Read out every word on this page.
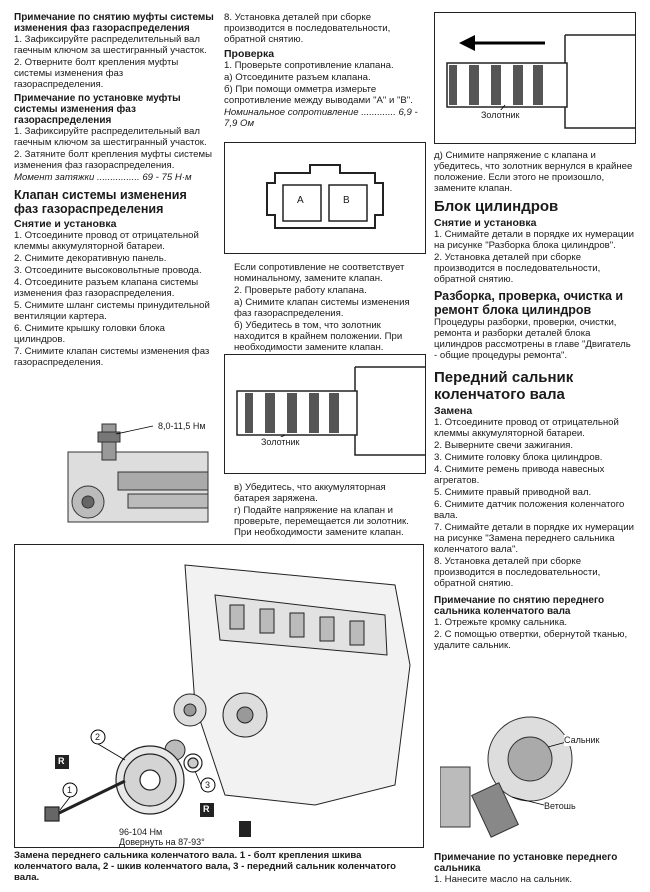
Примечание по снятию муфты системы изменения фаз газораспределения

1. Зафиксируйте распределительный вал гаечным ключом за шестигранный участок.

2. Отверните болт крепления муфты системы изменения фаз газораспределения.

Примечание по установке муфты системы изменения фаз газораспределения

1. Зафиксируйте распределительный вал гаечным ключом за шестигранный участок.

2. Затяните болт крепления муфты системы изменения фаз газораспределения.

Момент затяжки ................ 69 - 75 Н·м

Клапан системы изменения фаз газораспределения
Снятие и установка

1. Отсоедините провод от отрицательной клеммы аккумуляторной батареи.

2. Снимите декоративную панель.

3. Отсоедините высоковольтные провода.

4. Отсоедините разъем клапана системы изменения фаз газораспределения.

5. Снимите шланг системы принудительной вентиляции картера.

6. Снимите крышку головки блока цилиндров.

7. Снимите клапан системы изменения фаз газораспределения.

8,0-11,5 Нм

8. Установка деталей при сборке производится в последовательности, обратной снятию.

Проверка

1. Проверьте сопротивление клапана.

а) Отсоедините разъем клапана.

б) При помощи омметра измерьте сопротивление между выводами "А" и "В".

Номинальное сопротивление ............. 6,9 - 7,9 Ом

A	B

Если сопротивление не соответствует номинальному, замените клапан.

2. Проверьте работу клапана.

а) Снимите клапан системы изменения фаз газораспределения.

б) Убедитесь в том, что золотник находится в крайнем положении. При необходимости замените клапан.

Золотник

в) Убедитесь, что аккумуляторная батарея заряжена.

г) Подайте напряжение на клапан и проверьте, перемещается ли золотник. При необходимости замените клапан.

Золотник

д) Снимите напряжение с клапана и убедитесь, что золотник вернулся в крайнее положение. Если этого не произошло, замените клапан.

Блок цилиндров
Снятие и установка

1. Снимайте детали в порядке их нумерации на рисунке "Разборка блока цилиндров".

2. Установка деталей при сборке производится в последовательности, обратной снятию.

Разборка, проверка, очистка и ремонт блока цилиндров

Процедуры разборки, проверки, очистки, ремонта и разборки деталей блока цилиндров рассмотрены в главе "Двигатель - общие процедуры ремонта".

Передний сальник коленчатого вала
Замена

1. Отсоедините провод от отрицательной клеммы аккумуляторной батареи.

2. Выверните свечи зажигания.

3. Снимите головку блока цилиндров.

4. Снимите ремень привода навесных агрегатов.

5. Снимите правый приводной вал.

6. Снимите датчик положения коленчатого вала.

7. Снимайте детали в порядке их нумерации на рисунке "Замена переднего сальника коленчатого вала".

8. Установка деталей при сборке производится в последовательности, обратной снятию.

Примечание по снятию переднего сальника коленчатого вала

1. Отрежьте кромку сальника.

2. С помощью отвертки, обернутой тканью, удалите сальник.

Сальник
Ветошь
Примечание по установке переднего сальника

1. Нанесите масло на сальник.

1
2
3
R
R
96-104 Нм
Довернуть на 87-93°
Замена переднего сальника коленчатого вала. 1 - болт крепления шкива коленчатого вала, 2 - шкив коленчатого вала, 3 - передний сальник коленчатого вала.
